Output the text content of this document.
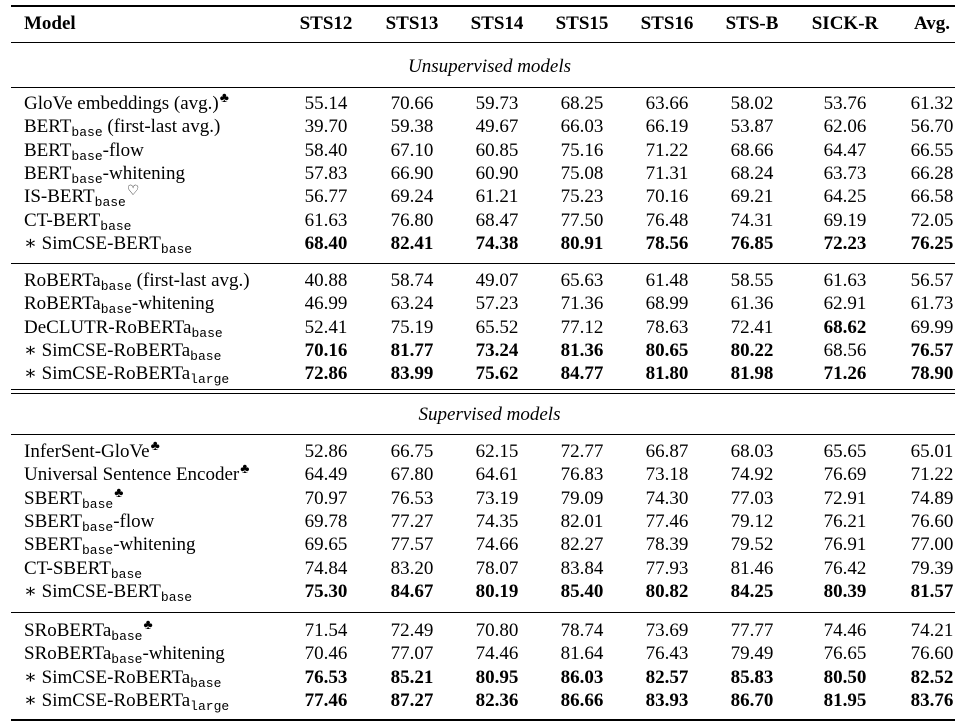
Model	STS12	STS13	STS14	STS15	STS16	STS-B	SICK-R	Avg.
Unsupervised models
Supervised models
GloVe embeddings (avg.)♣	55.14	70.66	59.73	68.25	63.66	58.02	53.76	61.32
$BERT_{base}$ (first-last avg.)	39.70	59.38	49.67	66.03	66.19	53.87	62.06	56.70
$BERT_{base}$-flow	58.40	67.10	60.85	75.16	71.22	68.66	64.47	66.55
$BERT_{base}$-whitening	57.83	66.90	60.90	75.08	71.31	68.24	63.73	66.28
$IS-BERT_{base}^♡$	56.77	69.24	61.21	75.23	70.16	69.21	64.25	66.58
$CT-BERT_{base}$	61.63	76.80	68.47	77.50	76.48	74.31	69.19	72.05
∗ SimCSE-$BERT_{base}$	68.40	82.41	74.38	80.91	78.56	76.85	72.23	76.25
RoBERTa$_{base}$ (first-last avg.)	40.88	58.74	49.07	65.63	61.48	58.55	61.63	56.57
RoBERTa$_{base}$-whitening	46.99	63.24	57.23	71.36	68.99	61.36	62.91	61.73
DeCLUTR-RoBERTa$_{base}$	52.41	75.19	65.52	77.12	78.63	72.41	68.62	69.99
∗ SimCSE-RoBERTa$_{base}$	70.16	81.77	73.24	81.36	80.65	80.22	68.56	76.57
∗ SimCSE-RoBERTa$_{large}$	72.86	83.99	75.62	84.77	81.80	81.98	71.26	78.90
InferSent-GloVe♣	52.86	66.75	62.15	72.77	66.87	68.03	65.65	65.01
Universal Sentence Encoder♣	64.49	67.80	64.61	76.83	73.18	74.92	76.69	71.22
$SBERT_{base}^♣$	70.97	76.53	73.19	79.09	74.30	77.03	72.91	74.89
$SBERT_{base}$-flow	69.78	77.27	74.35	82.01	77.46	79.12	76.21	76.60
$SBERT_{base}$-whitening	69.65	77.57	74.66	82.27	78.39	79.52	76.91	77.00
$CT-SBERT_{base}$	74.84	83.20	78.07	83.84	77.93	81.46	76.42	79.39
∗ SimCSE-$BERT_{base}$	75.30	84.67	80.19	85.40	80.82	84.25	80.39	81.57
SRoBERTa$_{base}$♣	71.54	72.49	70.80	78.74	73.69	77.77	74.46	74.21
SRoBERTa$_{base}$-whitening	70.46	77.07	74.46	81.64	76.43	79.49	76.65	76.60
∗ SimCSE-RoBERTa$_{base}$	76.53	85.21	80.95	86.03	82.57	85.83	80.50	82.52
∗ SimCSE-RoBERTa$_{large}$	77.46	87.27	82.36	86.66	83.93	86.70	81.95	83.76
